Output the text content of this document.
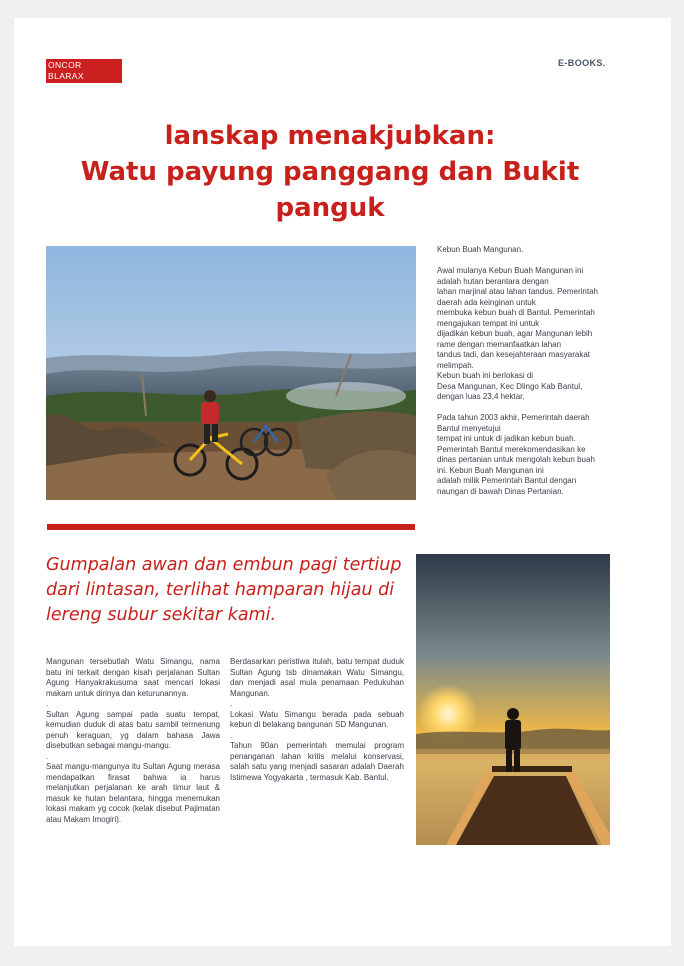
ONCOR
BLARAX
E-BOOKS.
lanskap menakjubkan:
Watu payung panggang dan Bukit panguk

Kebun Buah Mangunan.

Awal mulanya Kebun Buah Mangunan ini
adalah hutan berantara dengan
lahan marjinal atau lahan tandus. Pemerintah
daerah ada keinginan untuk
membuka kebun buah di Bantul. Pemerintah
mengajukan tempat ini untuk
dijadikan kebun buah, agar Mangunan lebih
rame dengan memanfaatkan lahan
tandus tadi, dan kesejahteraan masyarakat
melimpah.
Kebun buah ini berlokasi di
Desa Mangunan, Kec Dlingo Kab Bantul,
dengan luas 23,4 hektar.

Pada tahun 2003 akhir, Pemerintah daerah
Bantul menyetujui
tempat ini untuk di jadikan kebun buah.
Pemerintah Bantul merekomendasikan ke
dinas pertanian untuk mengolah kebun buah
ini. Kebun Buah Mangunan ini
adalah milik Pemerintah Bantul dengan
naungan di bawah Dinas Pertanian.

Gumpalan awan dan embun pagi tertiup dari lintasan, terlihat hamparan hijau di lereng subur sekitar kami.

Mangunan tersebutlah Watu Simangu, nama batu ini terkait dengan kisah perjalanan Sultan Agung Hanyakrakusuma saat mencari lokasi makam untuk dirinya dan keturunannya.
.
Sultan Agung sampai pada suatu tempat, kemudian duduk di atas batu sambil termenung penuh keraguan, yg dalam bahasa Jawa disebutkan sebagai mangu-mangu.
.
Saat mangu-mangunya itu Sultan Agung merasa mendapatkan firasat bahwa ia harus melanjutkan perjalanan ke arah timur laut & masuk ke hutan belantara, hingga menemukan lokasi makam yg cocok (kelak disebut Pajimatan atau Makam Imogiri).

Berdasarkan peristiwa itulah, batu tempat duduk Sultan Agung tsb dinamakan Watu Simangu, dan menjadi asal mula penamaan Pedukuhan Mangunan.
.
Lokasi Watu Simangu berada pada sebuah kebun di belakang bangunan SD Mangunan.
.
Tahun 90an pemerintah memulai program penanganan lahan kritis melalui konservasi, salah satu yang menjadi sasaran adalah Daerah Istimewa Yogyakarta , termasuk Kab. Bantul.
